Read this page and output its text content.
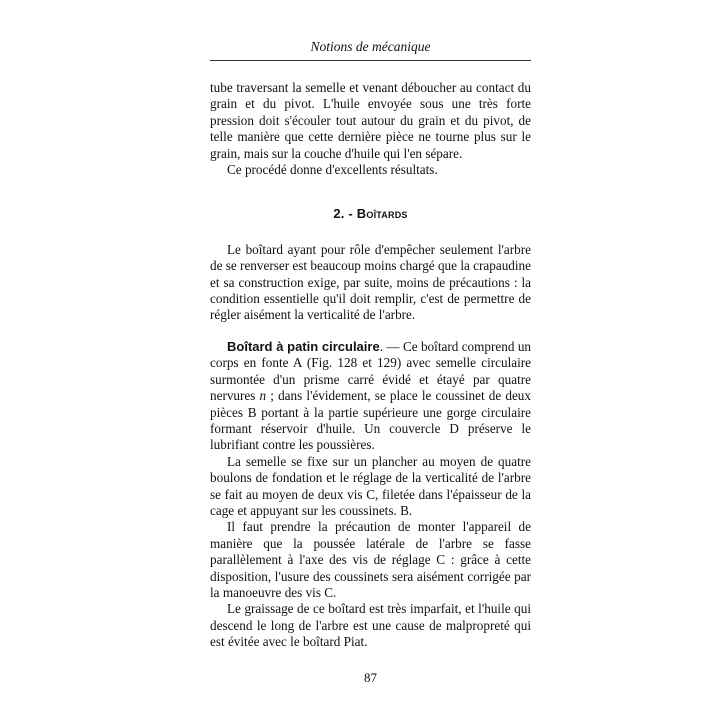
Notions de mécanique

tube traversant la semelle et venant déboucher au contact du grain et du pivot. L'huile envoyée sous une très forte pression doit s'écouler tout autour du grain et du pivot, de telle manière que cette dernière pièce ne tourne plus sur le grain, mais sur la couche d'huile qui l'en sépare.

Ce procédé donne d'excellents résultats.

2. - Boîtards

Le boîtard ayant pour rôle d'empêcher seulement l'arbre de se renverser est beaucoup moins chargé que la crapaudine et sa construction exige, par suite, moins de précautions : la condition essentielle qu'il doit remplir, c'est de permettre de régler aisément la verticalité de l'arbre.

Boîtard à patin circulaire. — Ce boîtard comprend un corps en fonte A (Fig. 128 et 129) avec semelle circulaire surmontée d'un prisme carré évidé et étayé par quatre nervures n ; dans l'évidement, se place le coussinet de deux pièces B portant à la partie supérieure une gorge circulaire formant réservoir d'huile. Un couvercle D préserve le lubrifiant contre les poussières.

La semelle se fixe sur un plancher au moyen de quatre boulons de fondation et le réglage de la verticalité de l'arbre se fait au moyen de deux vis C, filetée dans l'épaisseur de la cage et appuyant sur les coussinets. B.

Il faut prendre la précaution de monter l'appareil de manière que la poussée latérale de l'arbre se fasse parallèlement à l'axe des vis de réglage C : grâce à cette disposition, l'usure des coussinets sera aisément corrigée par la manoeuvre des vis C.

Le graissage de ce boîtard est très imparfait, et l'huile qui descend le long de l'arbre est une cause de malpropreté qui est évitée avec le boîtard Piat.

87
